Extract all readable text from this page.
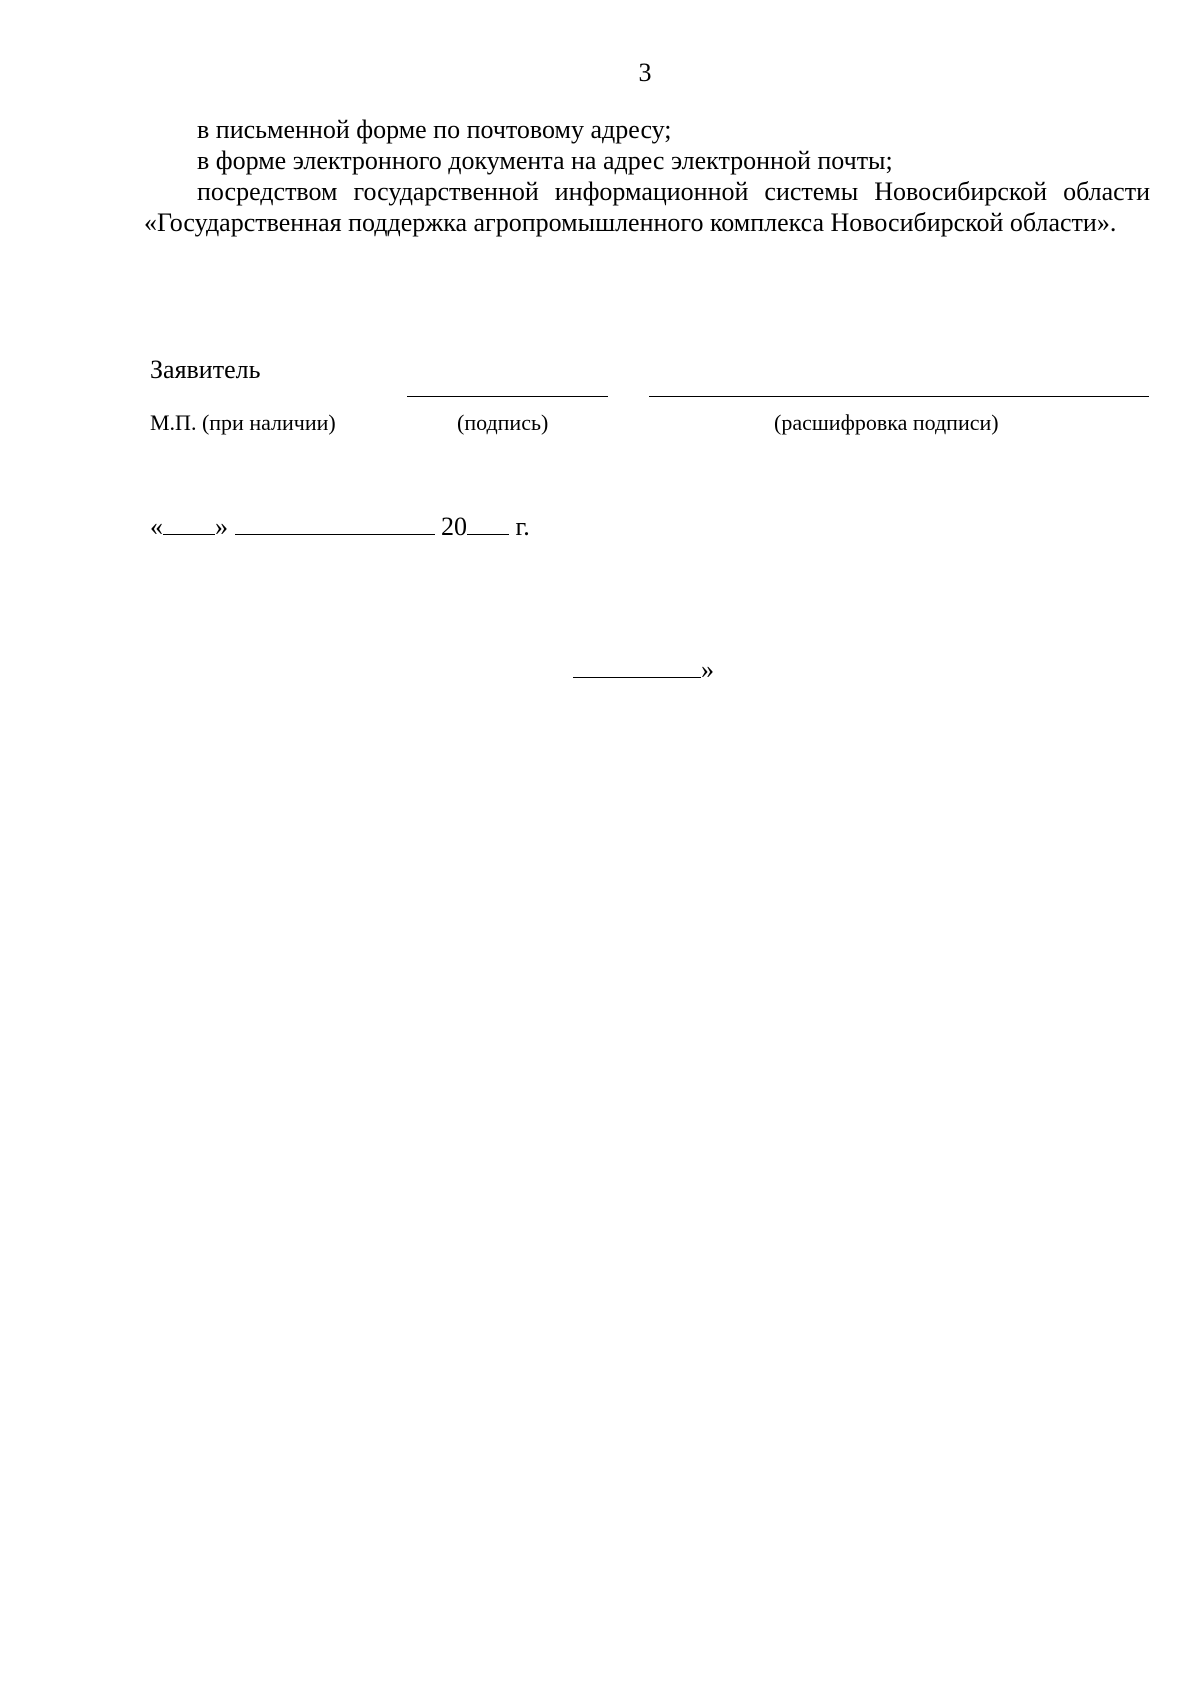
3

в письменной форме по почтовому адресу;

в форме электронного документа на адрес электронной почты;

посредством государственной информационной системы Новосибирской области «Государственная поддержка агропромышленного комплекса Новосибирской области».

Заявитель
М.П. (при наличии)	(подпись)	(расшифровка подписи)
« »	20 г.
»
